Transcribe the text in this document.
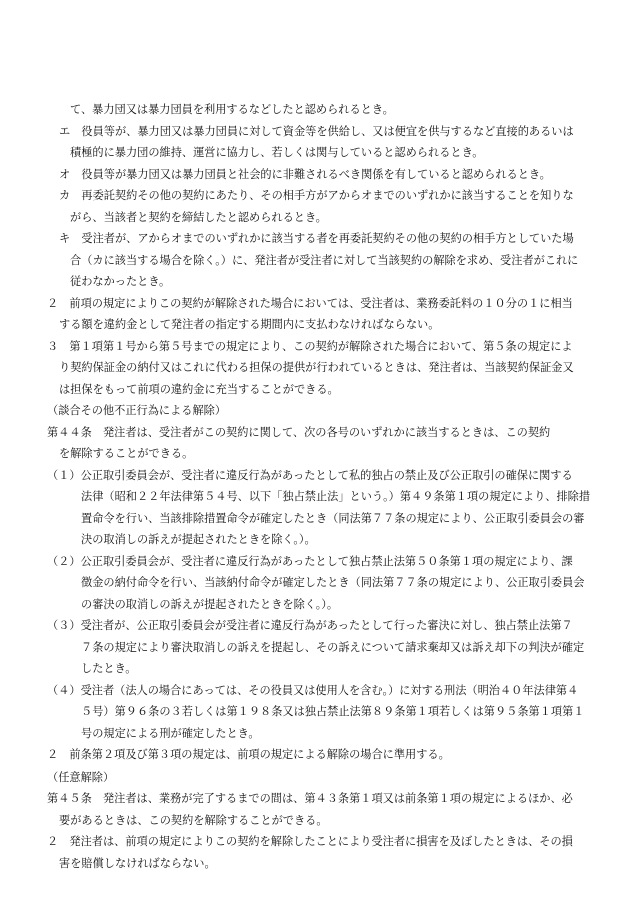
て、暴力団又は暴力団員を利用するなどしたと認められるとき。
エ　役員等が、暴力団又は暴力団員に対して資金等を供給し、又は便宜を供与するなど直接的あるいは
積極的に暴力団の維持、運営に協力し、若しくは関与していると認められるとき。
オ　役員等が暴力団又は暴力団員と社会的に非難されるべき関係を有していると認められるとき。
カ　再委託契約その他の契約にあたり、その相手方がアからオまでのいずれかに該当することを知りな
がら、当該者と契約を締結したと認められるとき。
キ　受注者が、アからオまでのいずれかに該当する者を再委託契約その他の契約の相手方としていた場
合（カに該当する場合を除く。）に、発注者が受注者に対して当該契約の解除を求め、受注者がこれに
従わなかったとき。
２　前項の規定によりこの契約が解除された場合においては、受注者は、業務委託料の１０分の１に相当
する額を違約金として発注者の指定する期間内に支払わなければならない。
３　第１項第１号から第５号までの規定により、この契約が解除された場合において、第５条の規定によ
り契約保証金の納付又はこれに代わる担保の提供が行われているときは、発注者は、当該契約保証金又
は担保をもって前項の違約金に充当することができる。
（談合その他不正行為による解除）
第４４条　発注者は、受注者がこの契約に関して、次の各号のいずれかに該当するときは、この契約
を解除することができる。
（１）公正取引委員会が、受注者に違反行為があったとして私的独占の禁止及び公正取引の確保に関する
法律（昭和２２年法律第５４号、以下「独占禁止法」という。）第４９条第１項の規定により、排除措
置命令を行い、当該排除措置命令が確定したとき（同法第７７条の規定により、公正取引委員会の審
決の取消しの訴えが提起されたときを除く。）。
（２）公正取引委員会が、受注者に違反行為があったとして独占禁止法第５０条第１項の規定により、課
徴金の納付命令を行い、当該納付命令が確定したとき（同法第７７条の規定により、公正取引委員会
の審決の取消しの訴えが提起されたときを除く。）。
（３）受注者が、公正取引委員会が受注者に違反行為があったとして行った審決に対し、独占禁止法第７
７条の規定により審決取消しの訴えを提起し、その訴えについて請求棄却又は訴え却下の判決が確定
したとき。
（４）受注者（法人の場合にあっては、その役員又は使用人を含む。）に対する刑法（明治４０年法律第４
５号）第９６条の３若しくは第１９８条又は独占禁止法第８９条第１項若しくは第９５条第１項第１
号の規定による刑が確定したとき。
２　前条第２項及び第３項の規定は、前項の規定による解除の場合に準用する。
（任意解除）
第４５条　発注者は、業務が完了するまでの間は、第４３条第１項又は前条第１項の規定によるほか、必
要があるときは、この契約を解除することができる。
２　発注者は、前項の規定によりこの契約を解除したことにより受注者に損害を及ぼしたときは、その損
害を賠償しなければならない。
